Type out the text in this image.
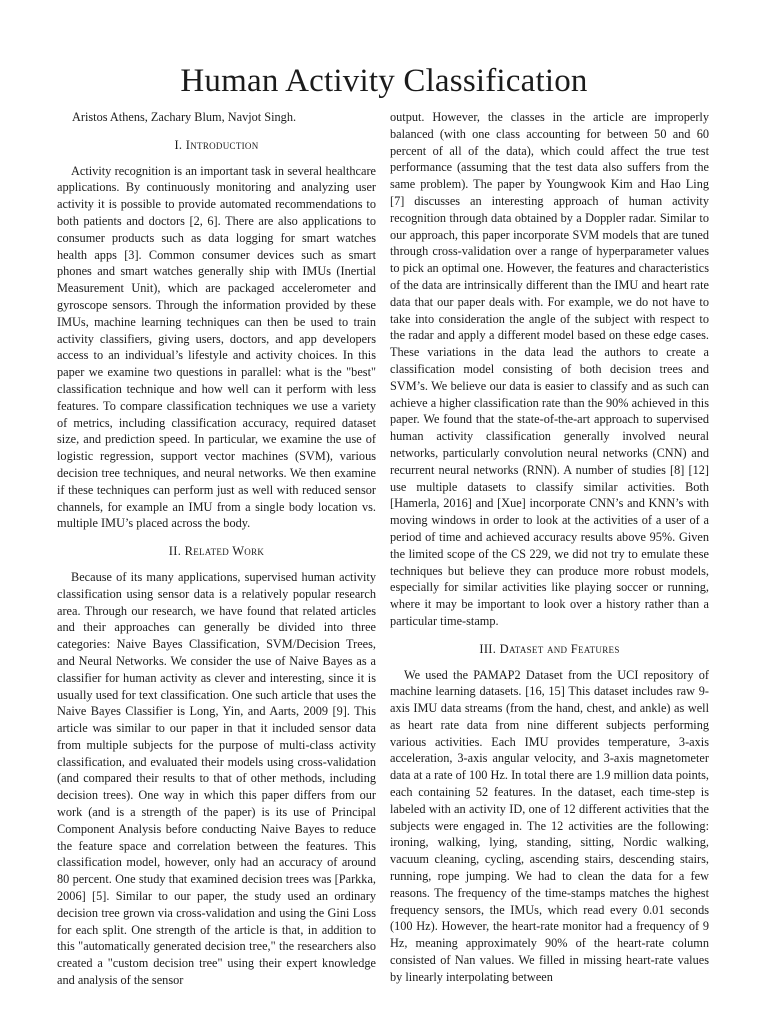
Human Activity Classification
Aristos Athens, Zachary Blum, Navjot Singh.
I. Introduction

Activity recognition is an important task in several healthcare applications. By continuously monitoring and analyzing user activity it is possible to provide automated recommendations to both patients and doctors [2, 6]. There are also applications to consumer products such as data logging for smart watches health apps [3]. Common consumer devices such as smart phones and smart watches generally ship with IMUs (Inertial Measurement Unit), which are packaged accelerometer and gyroscope sensors. Through the information provided by these IMUs, machine learning techniques can then be used to train activity classifiers, giving users, doctors, and app developers access to an individual’s lifestyle and activity choices. In this paper we examine two questions in parallel: what is the "best" classification technique and how well can it perform with less features. To compare classification techniques we use a variety of metrics, including classification accuracy, required dataset size, and prediction speed. In particular, we examine the use of logistic regression, support vector machines (SVM), various decision tree techniques, and neural networks. We then examine if these techniques can perform just as well with reduced sensor channels, for example an IMU from a single body location vs. multiple IMU’s placed across the body.

II. Related Work

Because of its many applications, supervised human activity classification using sensor data is a relatively popular research area. Through our research, we have found that related articles and their approaches can generally be divided into three categories: Naive Bayes Classification, SVM/Decision Trees, and Neural Networks. We consider the use of Naive Bayes as a classifier for human activity as clever and interesting, since it is usually used for text classification. One such article that uses the Naive Bayes Classifier is Long, Yin, and Aarts, 2009 [9]. This article was similar to our paper in that it included sensor data from multiple subjects for the purpose of multi-class activity classification, and evaluated their models using cross-validation (and compared their results to that of other methods, including decision trees). One way in which this paper differs from our work (and is a strength of the paper) is its use of Principal Component Analysis before conducting Naive Bayes to reduce the feature space and correlation between the features. This classification model, however, only had an accuracy of around 80 percent. One study that examined decision trees was [Parkka, 2006] [5]. Similar to our paper, the study used an ordinary decision tree grown via cross-validation and using the Gini Loss for each split. One strength of the article is that, in addition to this "automatically generated decision tree," the researchers also created a "custom decision tree" using their expert knowledge and analysis of the sensor

output. However, the classes in the article are improperly balanced (with one class accounting for between 50 and 60 percent of all of the data), which could affect the true test performance (assuming that the test data also suffers from the same problem). The paper by Youngwook Kim and Hao Ling [7] discusses an interesting approach of human activity recognition through data obtained by a Doppler radar. Similar to our approach, this paper incorporate SVM models that are tuned through cross-validation over a range of hyperparameter values to pick an optimal one. However, the features and characteristics of the data are intrinsically different than the IMU and heart rate data that our paper deals with. For example, we do not have to take into consideration the angle of the subject with respect to the radar and apply a different model based on these edge cases. These variations in the data lead the authors to create a classification model consisting of both decision trees and SVM’s. We believe our data is easier to classify and as such can achieve a higher classification rate than the 90% achieved in this paper. We found that the state-of-the-art approach to supervised human activity classification generally involved neural networks, particularly convolution neural networks (CNN) and recurrent neural networks (RNN). A number of studies [8] [12] use multiple datasets to classify similar activities. Both [Hamerla, 2016] and [Xue] incorporate CNN’s and KNN’s with moving windows in order to look at the activities of a user of a period of time and achieved accuracy results above 95%. Given the limited scope of the CS 229, we did not try to emulate these techniques but believe they can produce more robust models, especially for similar activities like playing soccer or running, where it may be important to look over a history rather than a particular time-stamp.

III. Dataset and Features

We used the PAMAP2 Dataset from the UCI repository of machine learning datasets. [16, 15] This dataset includes raw 9-axis IMU data streams (from the hand, chest, and ankle) as well as heart rate data from nine different subjects performing various activities. Each IMU provides temperature, 3-axis acceleration, 3-axis angular velocity, and 3-axis magnetometer data at a rate of 100 Hz. In total there are 1.9 million data points, each containing 52 features. In the dataset, each time-step is labeled with an activity ID, one of 12 different activities that the subjects were engaged in. The 12 activities are the following: ironing, walking, lying, standing, sitting, Nordic walking, vacuum cleaning, cycling, ascending stairs, descending stairs, running, rope jumping. We had to clean the data for a few reasons. The frequency of the time-stamps matches the highest frequency sensors, the IMUs, which read every 0.01 seconds (100 Hz). However, the heart-rate monitor had a frequency of 9 Hz, meaning approximately 90% of the heart-rate column consisted of Nan values. We filled in missing heart-rate values by linearly interpolating between
